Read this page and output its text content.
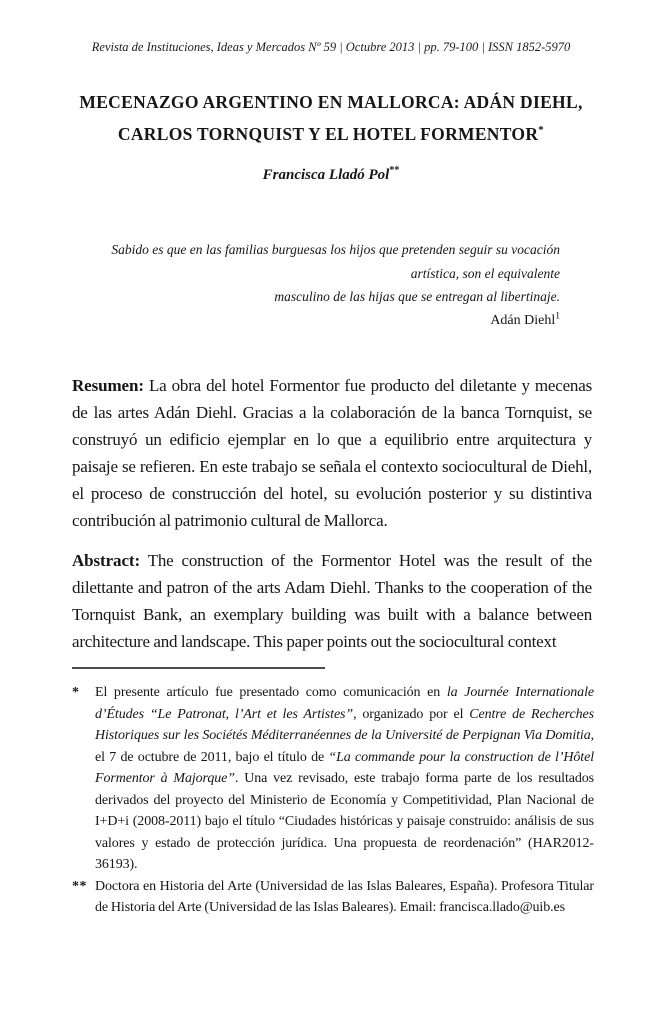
Revista de Instituciones, Ideas y Mercados Nº 59 | Octubre 2013 | pp. 79-100 | ISSN 1852-5970
MECENAZGO ARGENTINO EN MALLORCA: ADÁN DIEHL,
CARLOS TORNQUIST Y EL HOTEL FORMENTOR*
Francisca Lladó Pol**
Sabido es que en las familias burguesas los hijos que pretenden seguir su vocación
artística, son el equivalente
masculino de las hijas que se entregan al libertinaje.
Adán Diehl$^1$

Resumen: La obra del hotel Formentor fue producto del diletante y mecenas de las artes Adán Diehl. Gracias a la colaboración de la banca Tornquist, se construyó un edificio ejemplar en lo que a equilibrio entre arquitectura y paisaje se refieren. En este trabajo se señala el contexto sociocultural de Diehl, el proceso de construcción del hotel, su evolución posterior y su distintiva contribución al patrimonio cultural de Mallorca.

Abstract: The construction of the Formentor Hotel was the result of the dilettante and patron of the arts Adam Diehl. Thanks to the cooperation of the Tornquist Bank, an exemplary building was built with a balance between architecture and landscape. This paper points out the sociocultural context

*	El presente artículo fue presentado como comunicación en la Journée Internationale d’Études “Le Patronat, l’Art et les Artistes”, organizado por el Centre de Recherches Historiques sur les Sociétés Méditerranéennes de la Université de Perpignan Via Domitia, el 7 de octubre de 2011, bajo el título de “La commande pour la construction de l’Hôtel Formentor à Majorque”. Una vez revisado, este trabajo forma parte de los resultados derivados del proyecto del Ministerio de Economía y Competitividad, Plan Nacional de I+D+i (2008-2011) bajo el título “Ciudades históricas y paisaje construido: análisis de sus valores y estado de protección jurídica. Una propuesta de reordenación” (HAR2012-36193).
** Doctora en Historia del Arte (Universidad de las Islas Baleares, España). Profesora Titular de Historia del Arte (Universidad de las Islas Baleares). Email: francisca.llado@uib.es
